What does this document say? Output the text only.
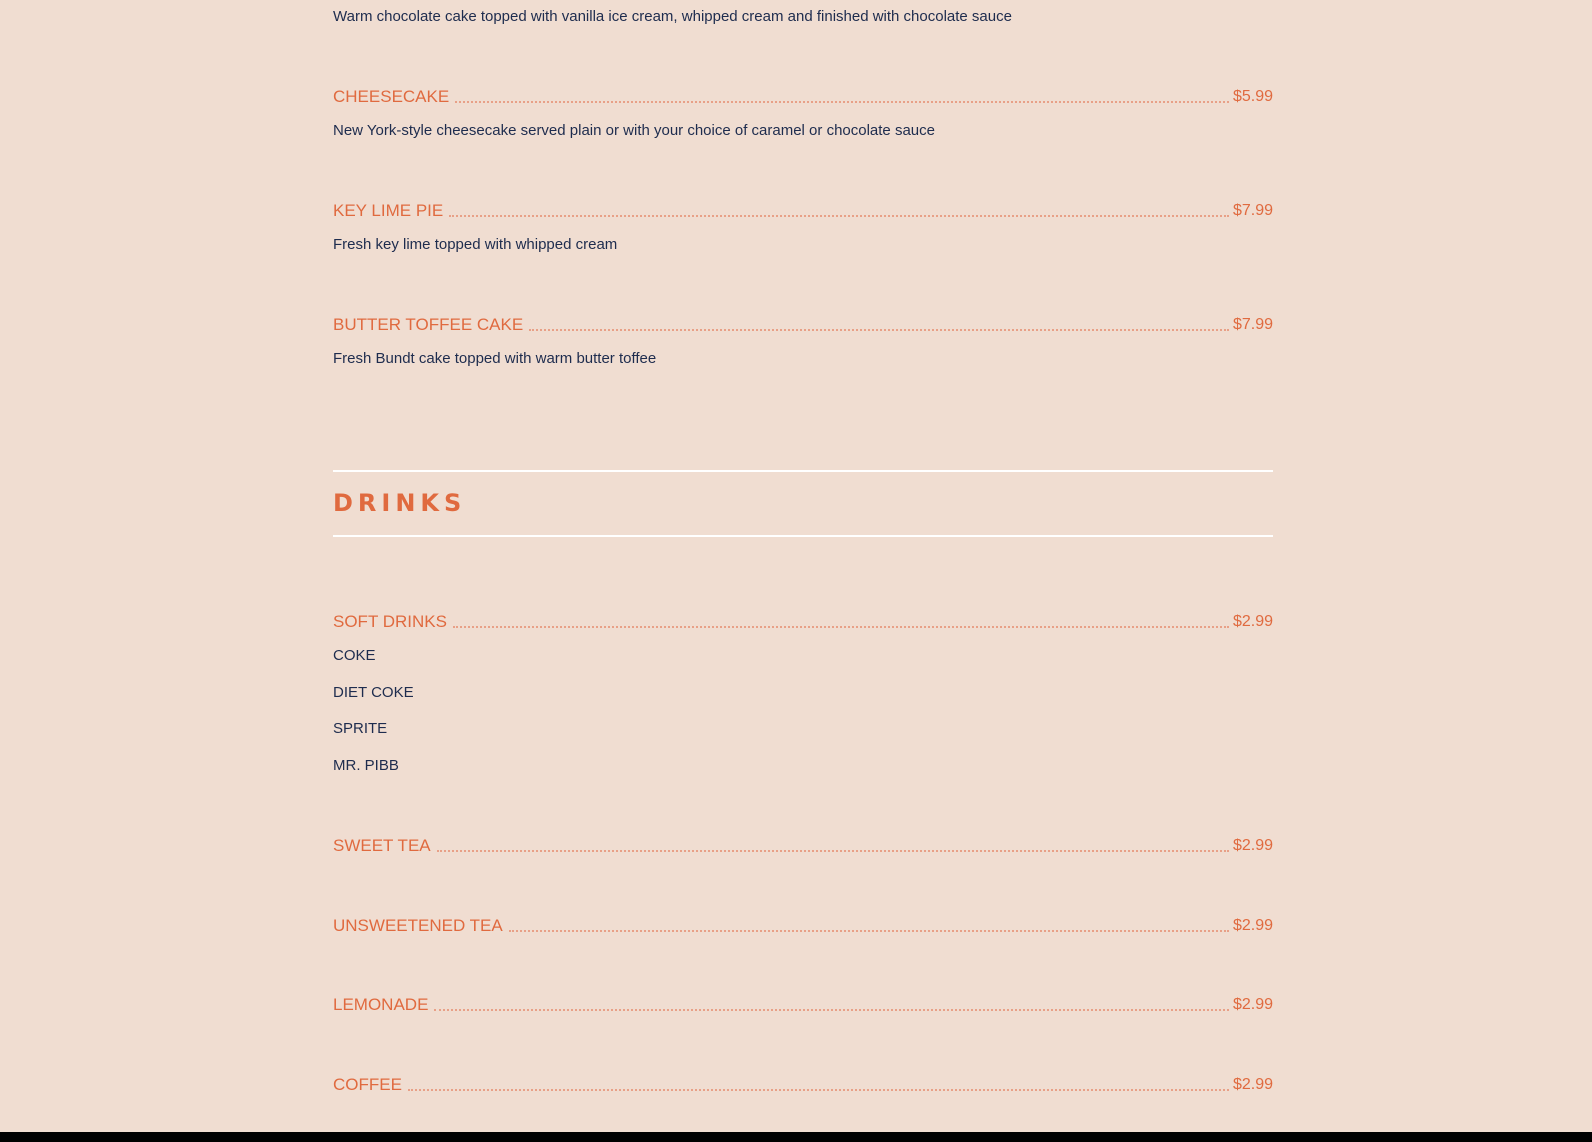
Warm chocolate cake topped with vanilla ice cream, whipped cream and finished with chocolate sauce
CHEESECAKE	$5.99
New York-style cheesecake served plain or with your choice of caramel or chocolate sauce
KEY LIME PIE	$7.99
Fresh key lime topped with whipped cream
BUTTER TOFFEE CAKE	$7.99
Fresh Bundt cake topped with warm butter toffee
DRINKS
SOFT DRINKS	$2.99
COKE
DIET COKE
SPRITE
MR. PIBB
SWEET TEA	$2.99
UNSWEETENED TEA	$2.99
LEMONADE	$2.99
COFFEE	$2.99
